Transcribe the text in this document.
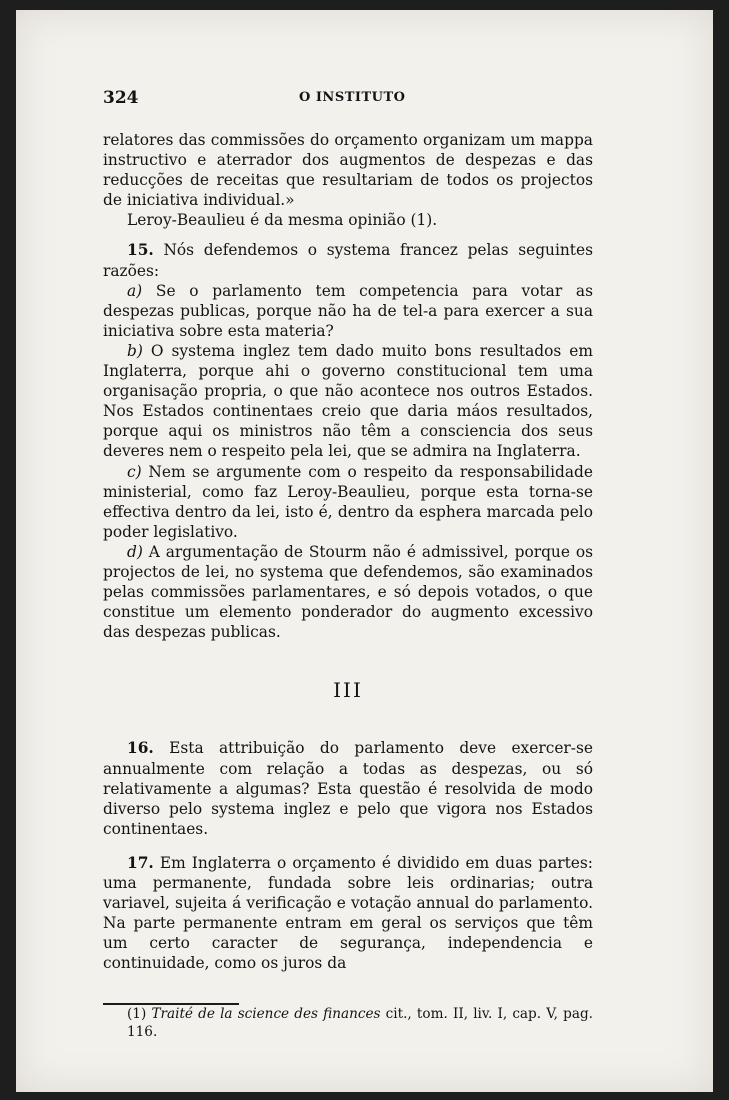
324	O INSTITUTO

relatores das commissões do orçamento organizam um mappa instructivo e aterrador dos augmentos de despezas e das reducções de receitas que resultariam de todos os projectos de iniciativa individual.»

Leroy-Beaulieu é da mesma opinião (1).

15. Nós defendemos o systema francez pelas seguintes razões:

a) Se o parlamento tem competencia para votar as despezas publicas, porque não ha de tel-a para exercer a sua iniciativa sobre esta materia?

b) O systema inglez tem dado muito bons resultados em Inglaterra, porque ahi o governo constitucional tem uma organisação propria, o que não acontece nos outros Estados. Nos Estados continentaes creio que daria máos resultados, porque aqui os ministros não têm a consciencia dos seus deveres nem o respeito pela lei, que se admira na Inglaterra.

c) Nem se argumente com o respeito da responsabilidade ministerial, como faz Leroy-Beaulieu, porque esta torna-se effectiva dentro da lei, isto é, dentro da esphera marcada pelo poder legislativo.

d) A argumentação de Stourm não é admissivel, porque os projectos de lei, no systema que defendemos, são examinados pelas commissões parlamentares, e só depois votados, o que constitue um elemento ponderador do augmento excessivo das despezas publicas.

III

16. Esta attribuição do parlamento deve exercer-se annualmente com relação a todas as despezas, ou só relativamente a algumas? Esta questão é resolvida de modo diverso pelo systema inglez e pelo que vigora nos Estados continentaes.

17. Em Inglaterra o orçamento é dividido em duas partes: uma permanente, fundada sobre leis ordinarias; outra variavel, sujeita á verificação e votação annual do parlamento. Na parte permanente entram em geral os serviços que têm um certo caracter de segurança, independencia e continuidade, como os juros da

(1) Traité de la science des finances cit., tom. II, liv. I, cap. V, pag. 116.
